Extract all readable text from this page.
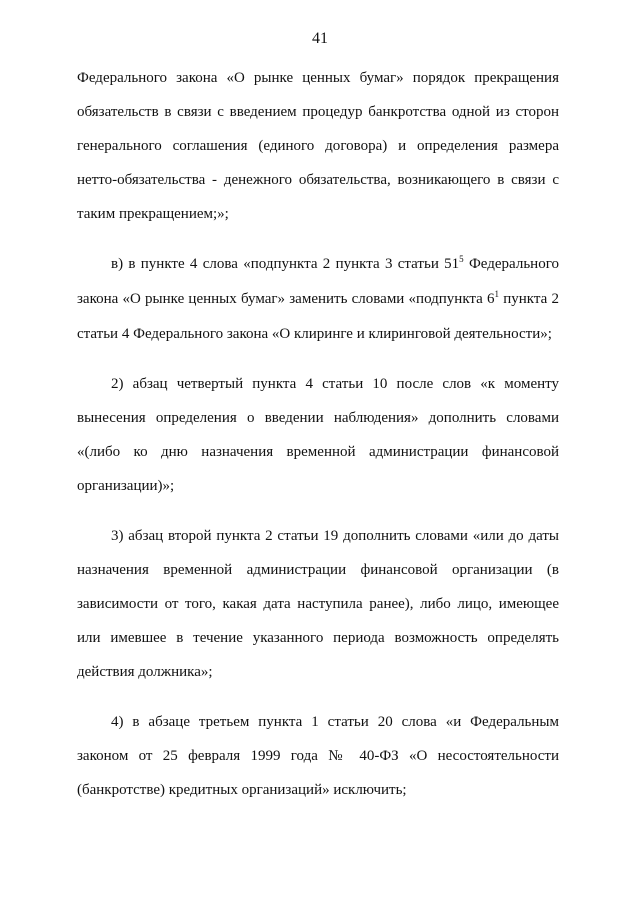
41

Федерального закона «О рынке ценных бумаг» порядок прекращения обязательств в связи с введением процедур банкротства одной из сторон генерального соглашения (единого договора) и определения размера нетто-обязательства - денежного обязательства, возникающего в связи с таким прекращением;»;

в) в пункте 4 слова «подпункта 2 пункта 3 статьи $51^5$ Федерального закона «О рынке ценных бумаг» заменить словами «подпункта $6^1$ пункта 2 статьи 4 Федерального закона «О клиринге и клиринговой деятельности»;

2) абзац четвертый пункта 4 статьи 10 после слов «к моменту вынесения определения о введении наблюдения» дополнить словами «(либо ко дню назначения временной администрации финансовой организации)»;

3) абзац второй пункта 2 статьи 19 дополнить словами «или до даты назначения временной администрации финансовой организации (в зависимости от того, какая дата наступила ранее), либо лицо, имеющее или имевшее в течение указанного периода возможность определять действия должника»;

4) в абзаце третьем пункта 1 статьи 20 слова «и Федеральным законом от 25 февраля 1999 года № 40-ФЗ «О несостоятельности (банкротстве) кредитных организаций» исключить;
